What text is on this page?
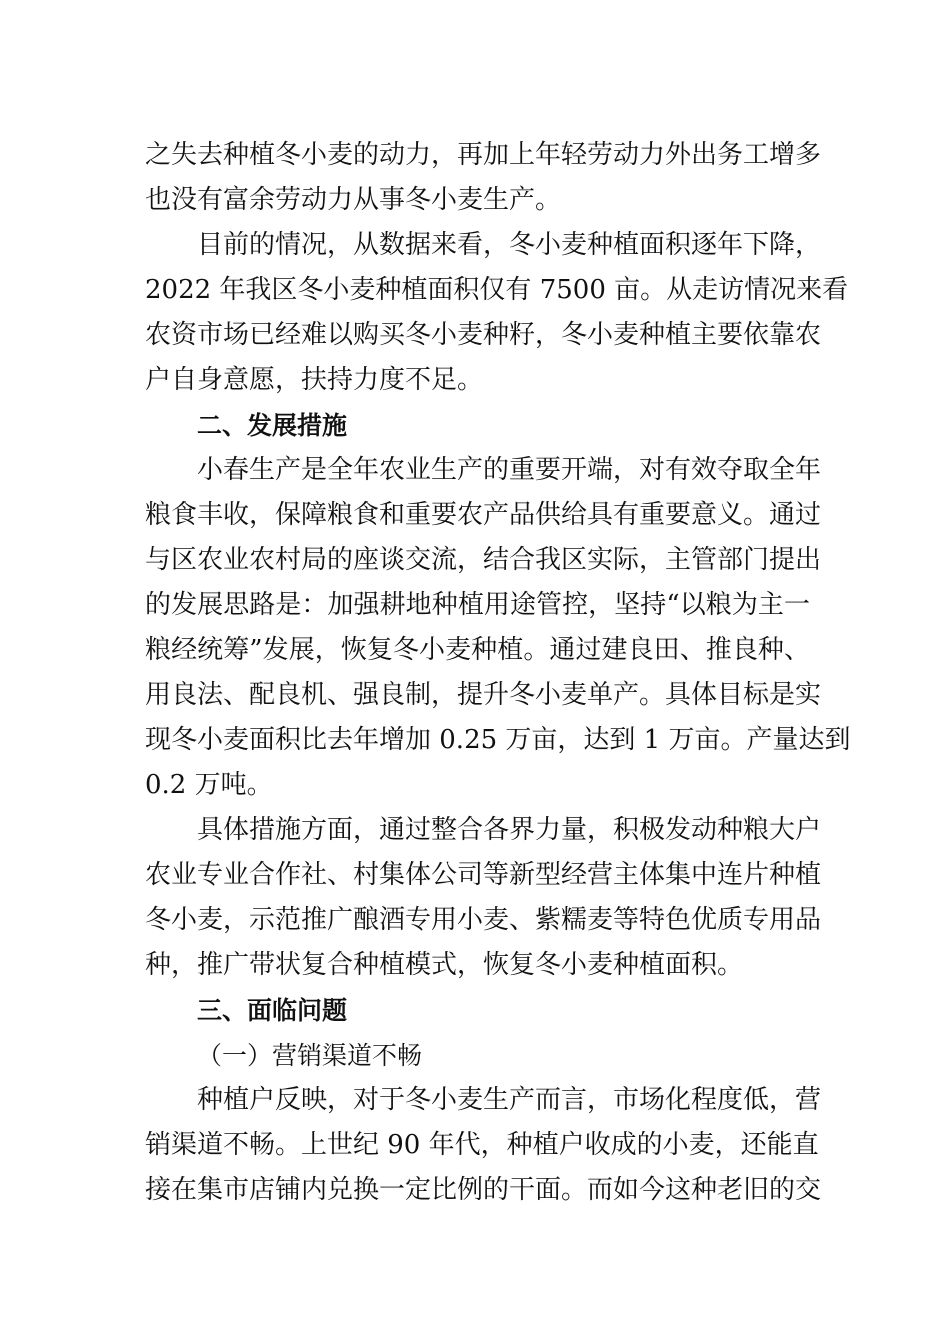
之失去种植冬小麦的动力，再加上年轻劳动力外出务工增多
也没有富余劳动力从事冬小麦生产。
目前的情况，从数据来看，冬小麦种植面积逐年下降，
2022 年我区冬小麦种植面积仅有 7500 亩。从走访情况来看
农资市场已经难以购买冬小麦种籽，冬小麦种植主要依靠农
户自身意愿，扶持力度不足。
二、发展措施
小春生产是全年农业生产的重要开端，对有效夺取全年
粮食丰收，保障粮食和重要农产品供给具有重要意义。通过
与区农业农村局的座谈交流，结合我区实际，主管部门提出
的发展思路是：加强耕地种植用途管控，坚持“以粮为主一
粮经统筹”发展，恢复冬小麦种植。通过建良田、推良种、
用良法、配良机、强良制，提升冬小麦单产。具体目标是实
现冬小麦面积比去年增加 0.25 万亩，达到 1 万亩。产量达到
0.2 万吨。
具体措施方面，通过整合各界力量，积极发动种粮大户
农业专业合作社、村集体公司等新型经营主体集中连片种植
冬小麦，示范推广酿酒专用小麦、紫糯麦等特色优质专用品
种，推广带状复合种植模式，恢复冬小麦种植面积。
三、面临问题
（一）营销渠道不畅
种植户反映，对于冬小麦生产而言，市场化程度低，营
销渠道不畅。上世纪 90 年代，种植户收成的小麦，还能直
接在集市店铺内兑换一定比例的干面。而如今这种老旧的交
